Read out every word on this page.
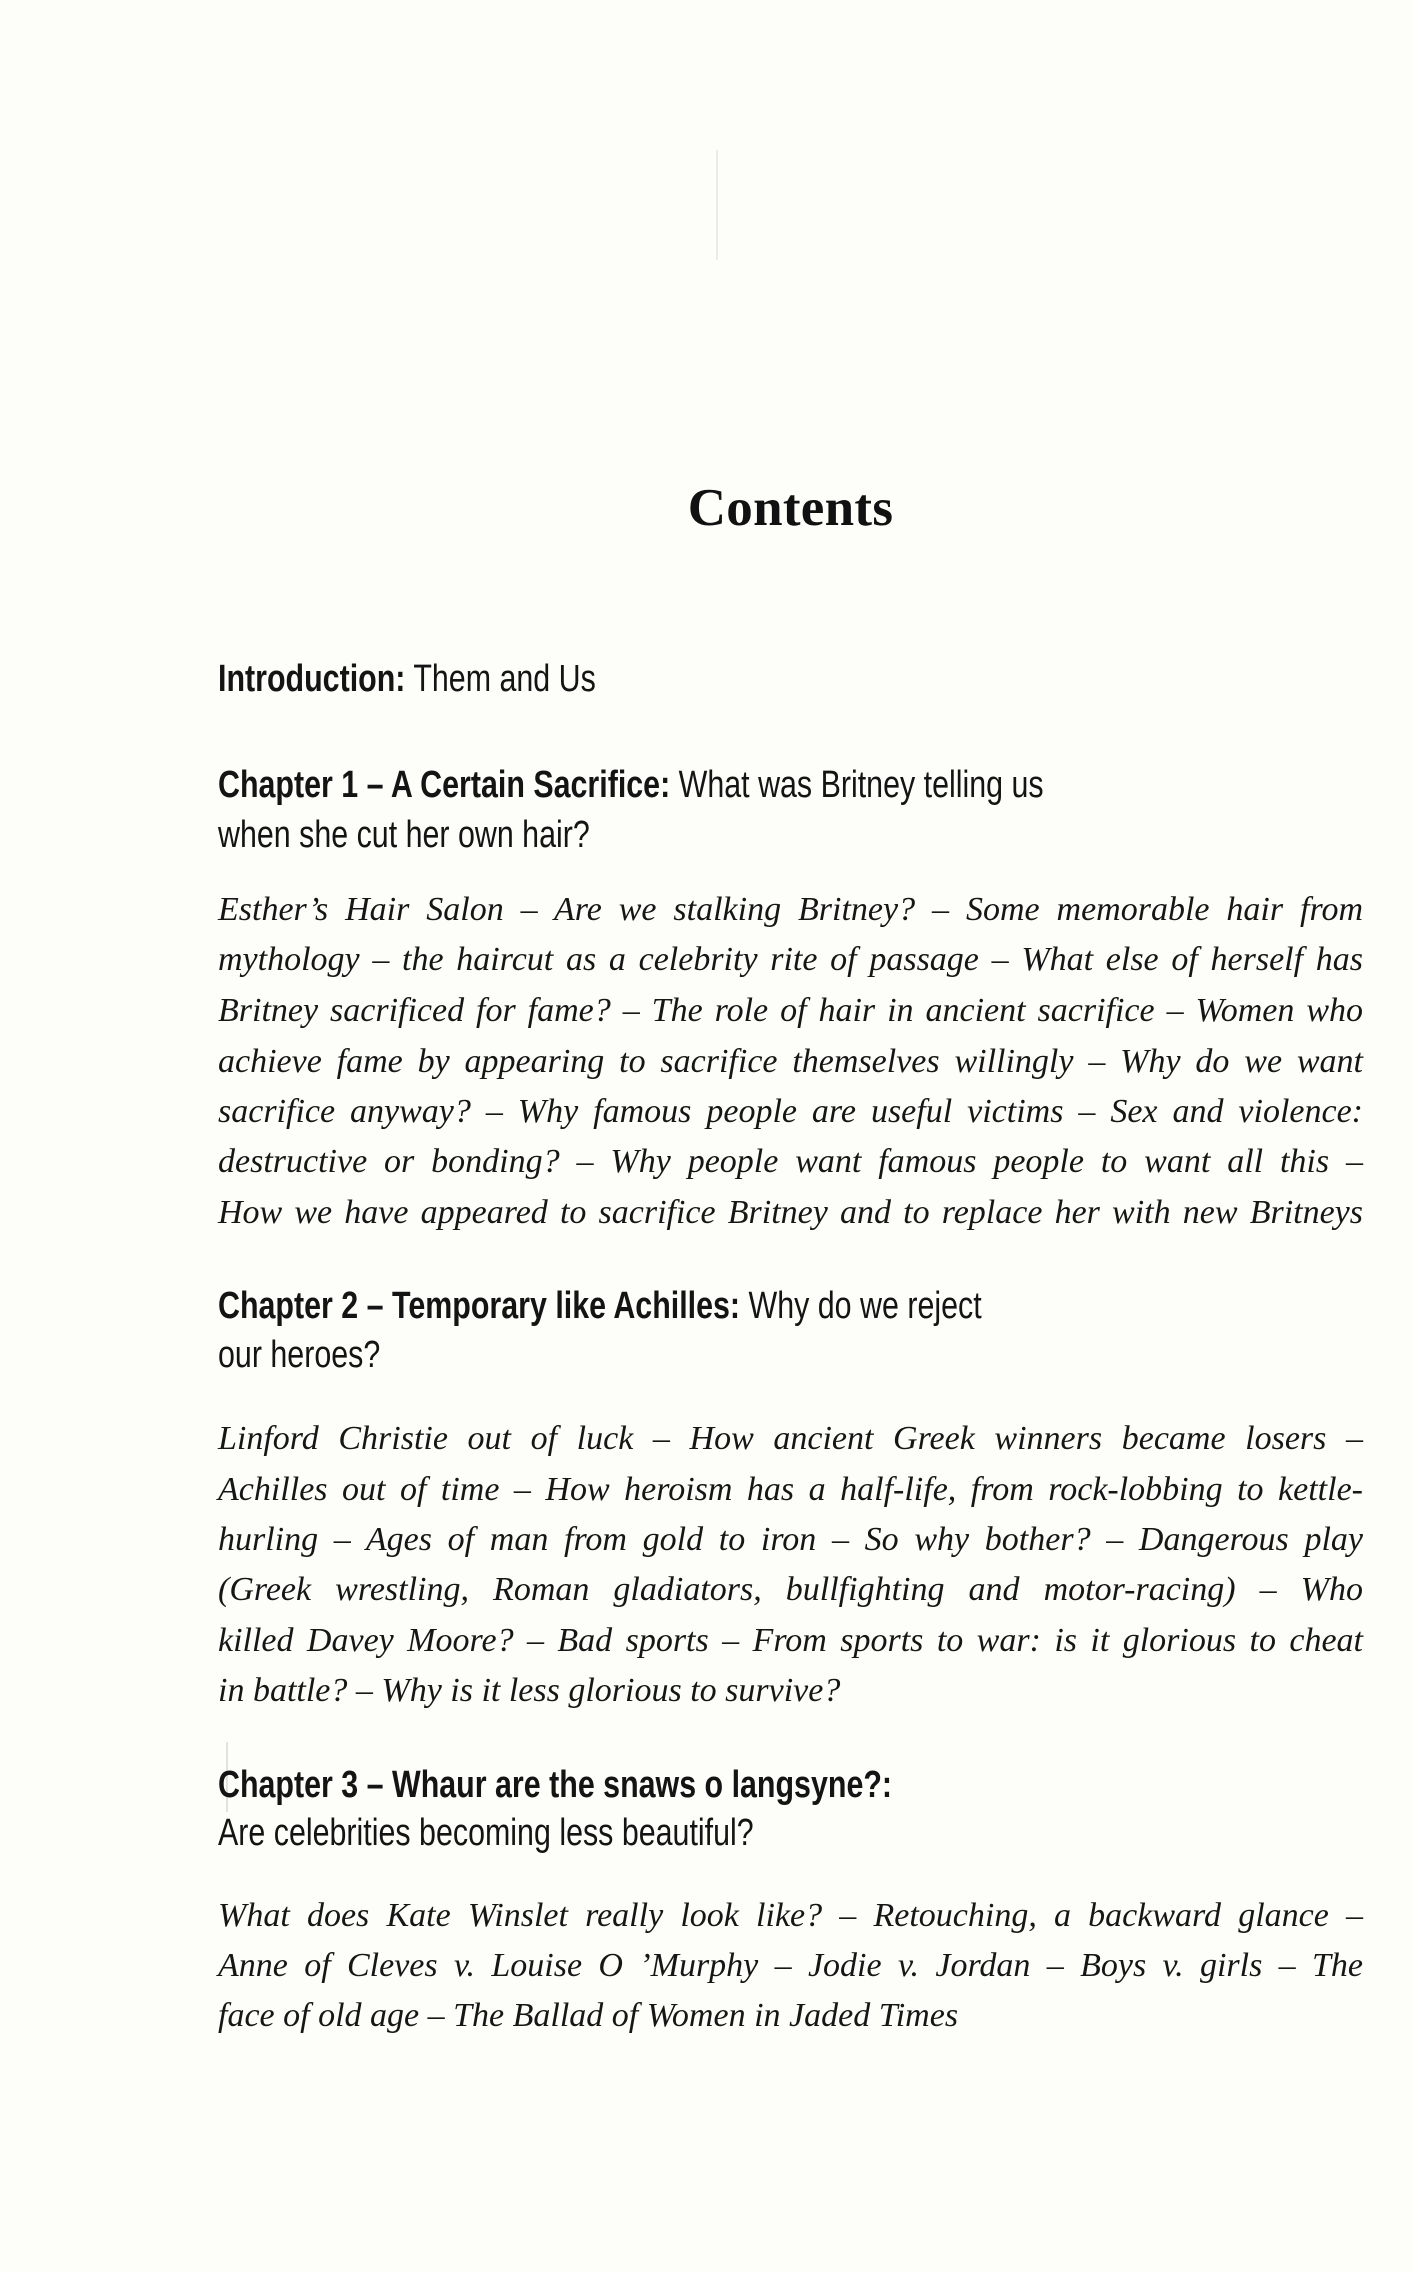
Contents
Introduction: Them and Us
Chapter 1 – A Certain Sacrifice: What was Britney telling us
when she cut her own hair?
Esther’s Hair Salon – Are we stalking Britney? – Some memorable hair from
mythology – the haircut as a celebrity rite of passage – What else of herself has
Britney sacrificed for fame? – The role of hair in ancient sacrifice – Women who
achieve fame by appearing to sacrifice themselves willingly – Why do we want
sacrifice anyway? – Why famous people are useful victims – Sex and violence:
destructive or bonding? – Why people want famous people to want all this –
How we have appeared to sacrifice Britney and to replace her with new Britneys
Chapter 2 – Temporary like Achilles: Why do we reject
our heroes?
Linford Christie out of luck – How ancient Greek winners became losers –
Achilles out of time – How heroism has a half-life, from rock-lobbing to kettle-
hurling – Ages of man from gold to iron – So why bother? – Dangerous play
(Greek wrestling, Roman gladiators, bullfighting and motor-racing) – Who
killed Davey Moore? – Bad sports – From sports to war: is it glorious to cheat
in battle? – Why is it less glorious to survive?
Chapter 3 – Whaur are the snaws o langsyne?:
Are celebrities becoming less beautiful?
What does Kate Winslet really look like? – Retouching, a backward glance –
Anne of Cleves v. Louise O ’Murphy – Jodie v. Jordan – Boys v. girls – The
face of old age – The Ballad of Women in Jaded Times
